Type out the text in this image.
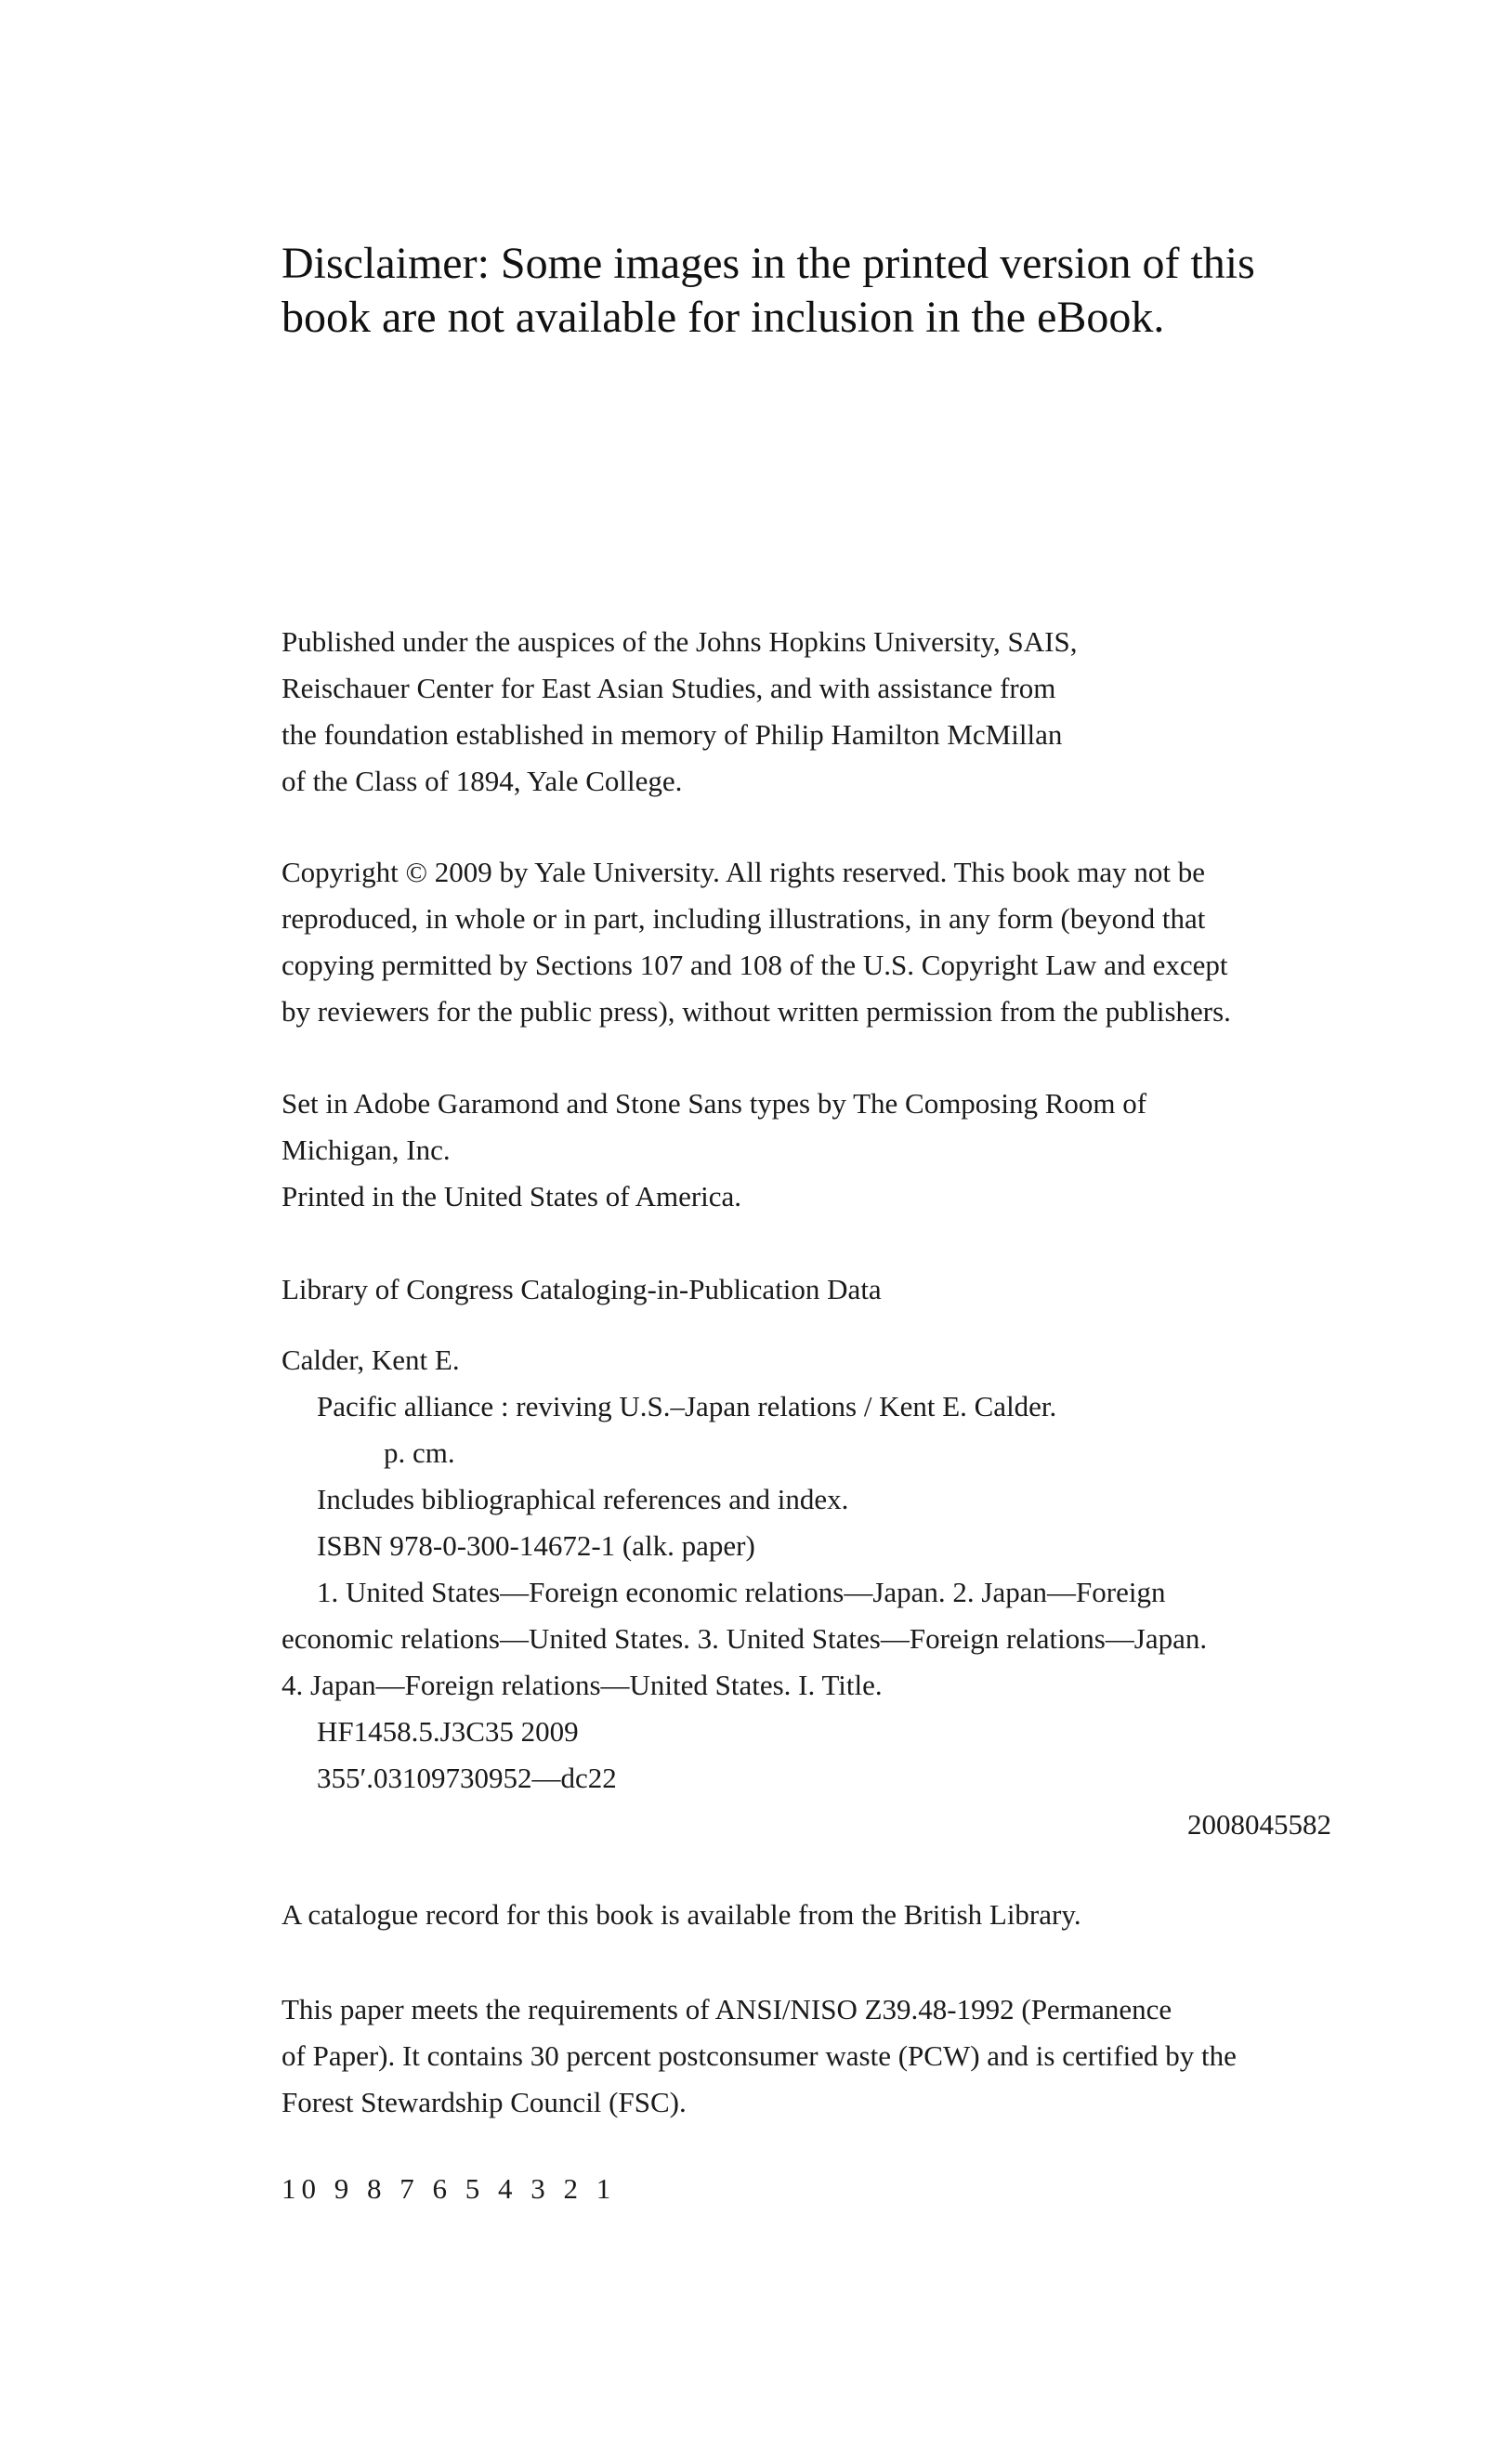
Disclaimer: Some images in the printed version of this
book are not available for inclusion in the eBook.

Published under the auspices of the Johns Hopkins University, SAIS,

Reischauer Center for East Asian Studies, and with assistance from

the foundation established in memory of Philip Hamilton McMillan

of the Class of 1894, Yale College.

Copyright © 2009 by Yale University. All rights reserved. This book may not be

reproduced, in whole or in part, including illustrations, in any form (beyond that

copying permitted by Sections 107 and 108 of the U.S. Copyright Law and except

by reviewers for the public press), without written permission from the publishers.

Set in Adobe Garamond and Stone Sans types by The Composing Room of

Michigan, Inc.

Printed in the United States of America.

Library of Congress Cataloging-in-Publication Data

Calder, Kent E.

Pacific alliance : reviving U.S.–Japan relations / Kent E. Calder.

p. cm.

Includes bibliographical references and index.

ISBN 978-0-300-14672-1 (alk. paper)

1. United States—Foreign economic relations—Japan. 2. Japan—Foreign

economic relations—United States. 3. United States—Foreign relations—Japan.

4. Japan—Foreign relations—United States. I. Title.

HF1458.5.J3C35 2009

355′.03109730952—dc22

2008045582

A catalogue record for this book is available from the British Library.

This paper meets the requirements of ANSI/NISO Z39.48-1992 (Permanence

of Paper). It contains 30 percent postconsumer waste (PCW) and is certified by the

Forest Stewardship Council (FSC).

10 9 8 7 6 5 4 3 2 1
